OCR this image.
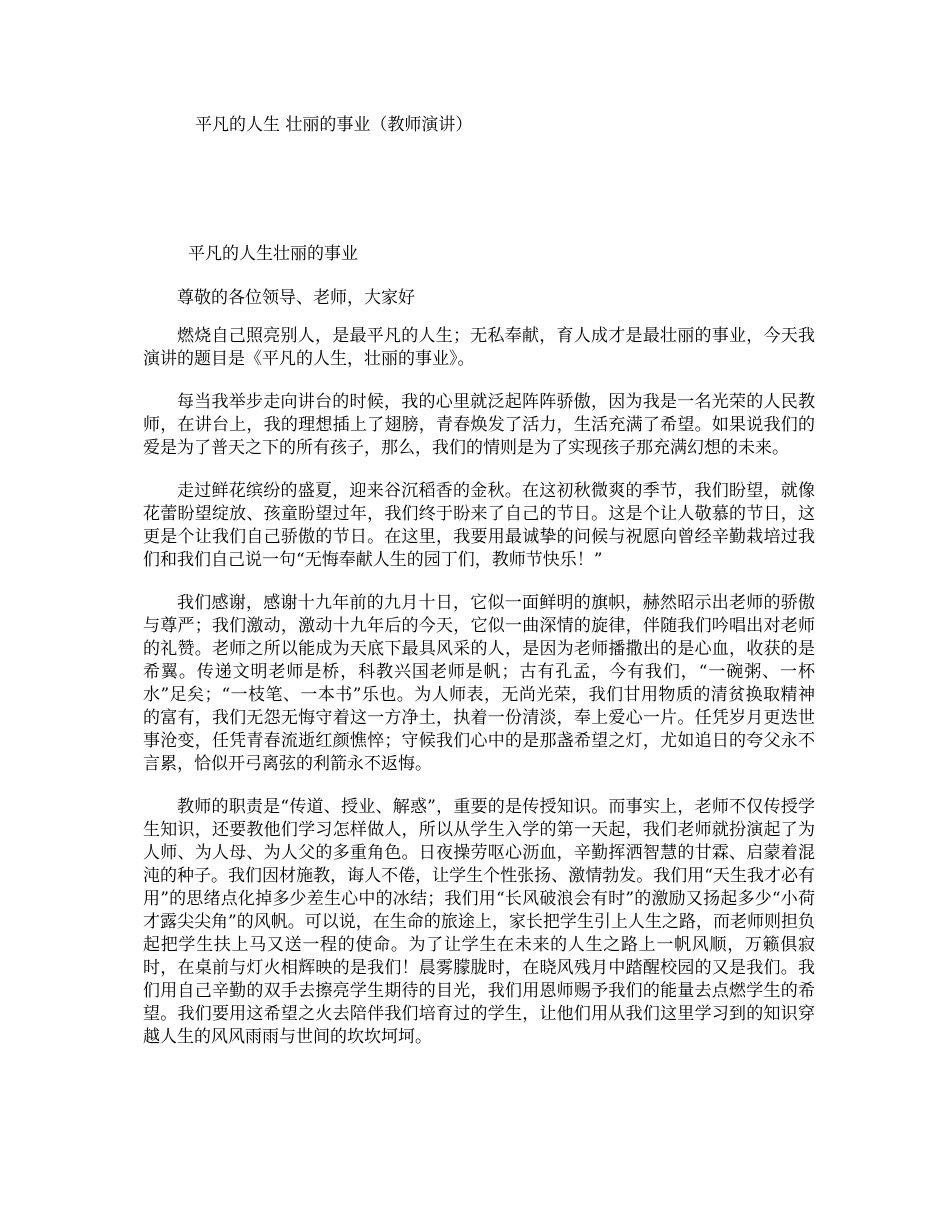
平凡的人生 壮丽的事业（教师演讲）
平凡的人生壮丽的事业
尊敬的各位领导、老师，大家好

燃烧自己照亮别人，是最平凡的人生；无私奉献，育人成才是最壮丽的事业，今天我演讲的题目是《平凡的人生，壮丽的事业》。

每当我举步走向讲台的时候，我的心里就泛起阵阵骄傲，因为我是一名光荣的人民教师，在讲台上，我的理想插上了翅膀，青春焕发了活力，生活充满了希望。如果说我们的爱是为了普天之下的所有孩子，那么，我们的情则是为了实现孩子那充满幻想的未来。

走过鲜花缤纷的盛夏，迎来谷沉稻香的金秋。在这初秋微爽的季节，我们盼望，就像花蕾盼望绽放、孩童盼望过年，我们终于盼来了自己的节日。这是个让人敬慕的节日，这更是个让我们自己骄傲的节日。在这里，我要用最诚挚的问候与祝愿向曾经辛勤栽培过我们和我们自己说一句“无悔奉献人生的园丁们，教师节快乐！”

我们感谢，感谢十九年前的九月十日，它似一面鲜明的旗帜，赫然昭示出老师的骄傲与尊严；我们激动，激动十九年后的今天，它似一曲深情的旋律，伴随我们吟唱出对老师的礼赞。老师之所以能成为天底下最具风采的人，是因为老师播撒出的是心血，收获的是希翼。传递文明老师是桥，科教兴国老师是帆；古有孔孟，今有我们，“一碗粥、一杯水”足矣；“一枝笔、一本书”乐也。为人师表，无尚光荣，我们甘用物质的清贫换取精神的富有，我们无怨无悔守着这一方净土，执着一份清淡，奉上爱心一片。任凭岁月更迭世事沧变，任凭青春流逝红颜憔悴；守候我们心中的是那盏希望之灯，尤如追日的夸父永不言累，恰似开弓离弦的利箭永不返悔。

教师的职责是“传道、授业、解惑”，重要的是传授知识。而事实上，老师不仅传授学生知识，还要教他们学习怎样做人，所以从学生入学的第一天起，我们老师就扮演起了为人师、为人母、为人父的多重角色。日夜操劳呕心沥血，辛勤挥洒智慧的甘霖、启蒙着混沌的种子。我们因材施教，诲人不倦，让学生个性张扬、激情勃发。我们用“天生我才必有用”的思绪点化掉多少差生心中的冰结；我们用“长风破浪会有时”的激励又扬起多少“小荷才露尖尖角”的风帆。可以说，在生命的旅途上，家长把学生引上人生之路，而老师则担负起把学生扶上马又送一程的使命。为了让学生在未来的人生之路上一帆风顺，万籁俱寂时，在桌前与灯火相辉映的是我们！晨雾朦胧时，在晓风残月中踏醒校园的又是我们。我们用自己辛勤的双手去擦亮学生期待的目光，我们用恩师赐予我们的能量去点燃学生的希望。我们要用这希望之火去陪伴我们培育过的学生，让他们用从我们这里学习到的知识穿越人生的风风雨雨与世间的坎坎坷坷。
